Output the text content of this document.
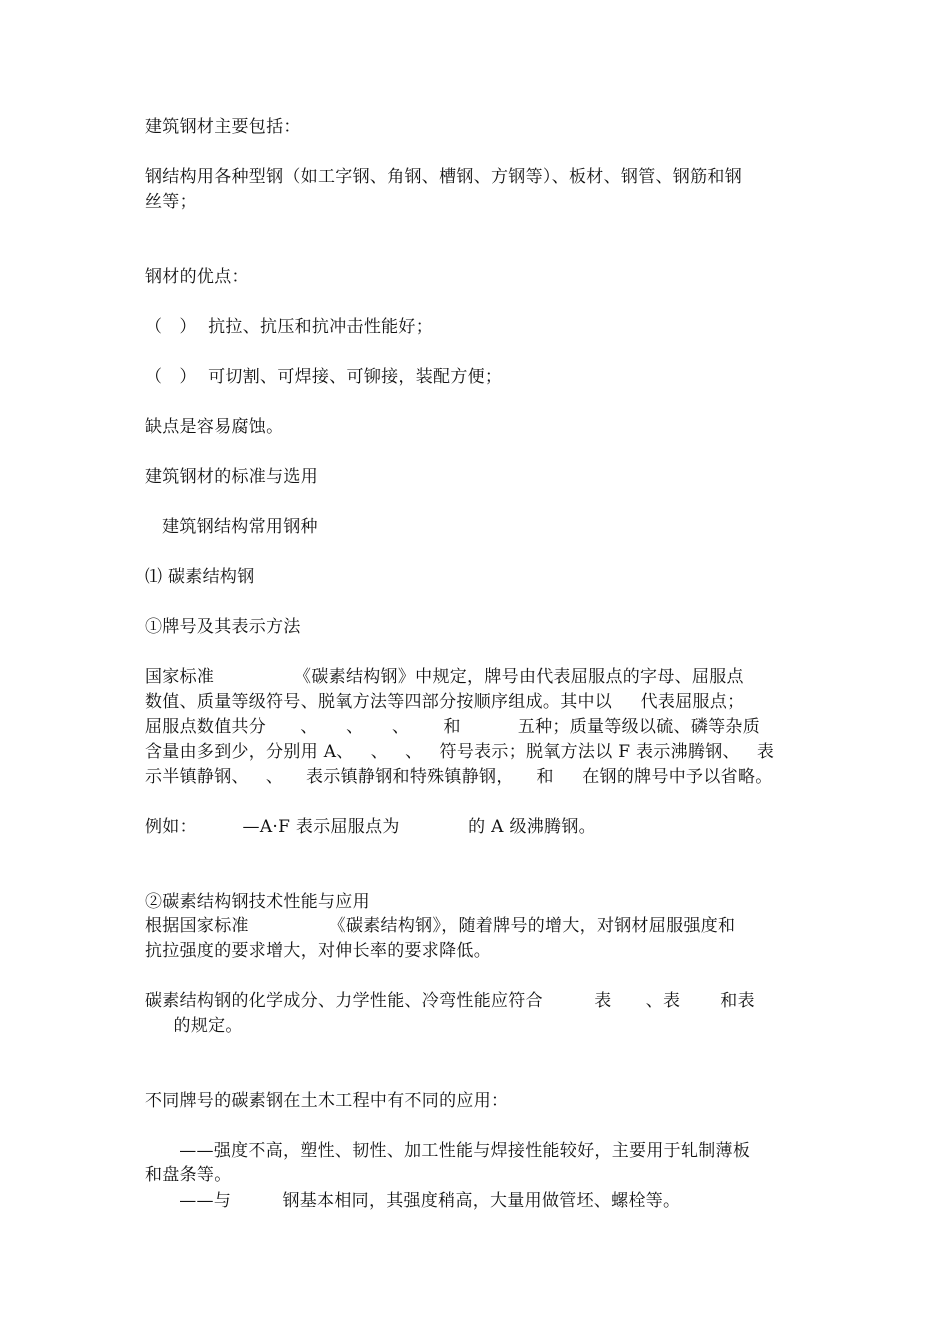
建筑钢材主要包括：
钢结构用各种型钢（如工字钢、角钢、槽钢、方钢等）、板材、钢管、钢筋和钢
丝等；
钢材的优点：
（   ）  抗拉、抗压和抗冲击性能好；
（   ）  可切割、可焊接、可铆接，装配方便；
缺点是容易腐蚀。
建筑钢材的标准与选用
建筑钢结构常用钢种
⑴ 碳素结构钢
①牌号及其表示方法
国家标准              《碳素结构钢》中规定，牌号由代表屈服点的字母、屈服点
数值、质量等级符号、脱氧方法等四部分按顺序组成。其中以     代表屈服点；
屈服点数值共分      、     、     、      和          五种；质量等级以硫、磷等杂质
含量由多到少，分别用 A、   、   、   符号表示；脱氧方法以 F 表示沸腾钢、   表
示半镇静钢、   、    表示镇静钢和特殊镇静钢，    和     在钢的牌号中予以省略。
例如：        —A·F 表示屈服点为            的 A 级沸腾钢。
②碳素结构钢技术性能与应用
根据国家标准              《碳素结构钢》，随着牌号的增大，对钢材屈服强度和
抗拉强度的要求增大，对伸长率的要求降低。
碳素结构钢的化学成分、力学性能、冷弯性能应符合         表      、表       和表
的规定。
不同牌号的碳素钢在土木工程中有不同的应用：
——强度不高，塑性、韧性、加工性能与焊接性能较好，主要用于轧制薄板
和盘条等。
——与         钢基本相同，其强度稍高，大量用做管坯、螺栓等。
